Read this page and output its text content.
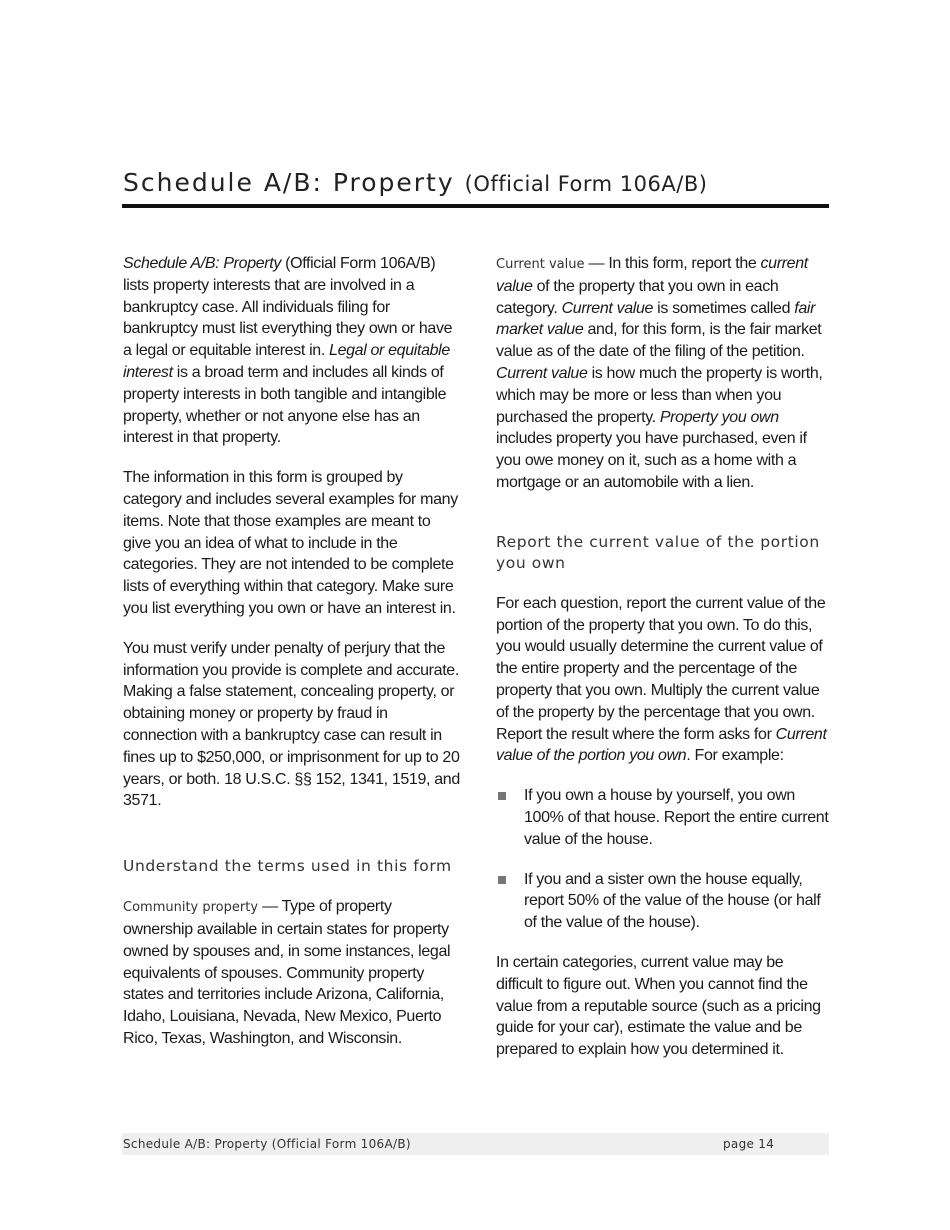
Schedule A/B: Property (Official Form 106A/B)

Schedule A/B: Property (Official Form 106A/B) lists property interests that are involved in a bankruptcy case. All individuals filing for bankruptcy must list everything they own or have a legal or equitable interest in. Legal or equitable interest is a broad term and includes all kinds of property interests in both tangible and intangible property, whether or not anyone else has an interest in that property.

The information in this form is grouped by category and includes several examples for many items. Note that those examples are meant to give you an idea of what to include in the categories. They are not intended to be complete lists of everything within that category. Make sure you list everything you own or have an interest in.

You must verify under penalty of perjury that the information you provide is complete and accurate. Making a false statement, concealing property, or obtaining money or property by fraud in connection with a bankruptcy case can result in fines up to $250,000, or imprisonment for up to 20 years, or both. 18 U.S.C. §§ 152, 1341, 1519, and 3571.

Understand the terms used in this form

Community property — Type of property ownership available in certain states for property owned by spouses and, in some instances, legal equivalents of spouses. Community property states and territories include Arizona, California, Idaho, Louisiana, Nevada, New Mexico, Puerto Rico, Texas, Washington, and Wisconsin.

Current value — In this form, report the current value of the property that you own in each category. Current value is sometimes called fair market value and, for this form, is the fair market value as of the date of the filing of the petition. Current value is how much the property is worth, which may be more or less than when you purchased the property. Property you own includes property you have purchased, even if you owe money on it, such as a home with a mortgage or an automobile with a lien.

Report the current value of the portion you own

For each question, report the current value of the portion of the property that you own. To do this, you would usually determine the current value of the entire property and the percentage of the property that you own. Multiply the current value of the property by the percentage that you own. Report the result where the form asks for Current value of the portion you own. For example:

If you own a house by yourself, you own 100% of that house. Report the entire current value of the house.
If you and a sister own the house equally, report 50% of the value of the house (or half of the value of the house).

In certain categories, current value may be difficult to figure out. When you cannot find the value from a reputable source (such as a pricing guide for your car), estimate the value and be prepared to explain how you determined it.

Schedule A/B: Property (Official Form 106A/B)	page 14
